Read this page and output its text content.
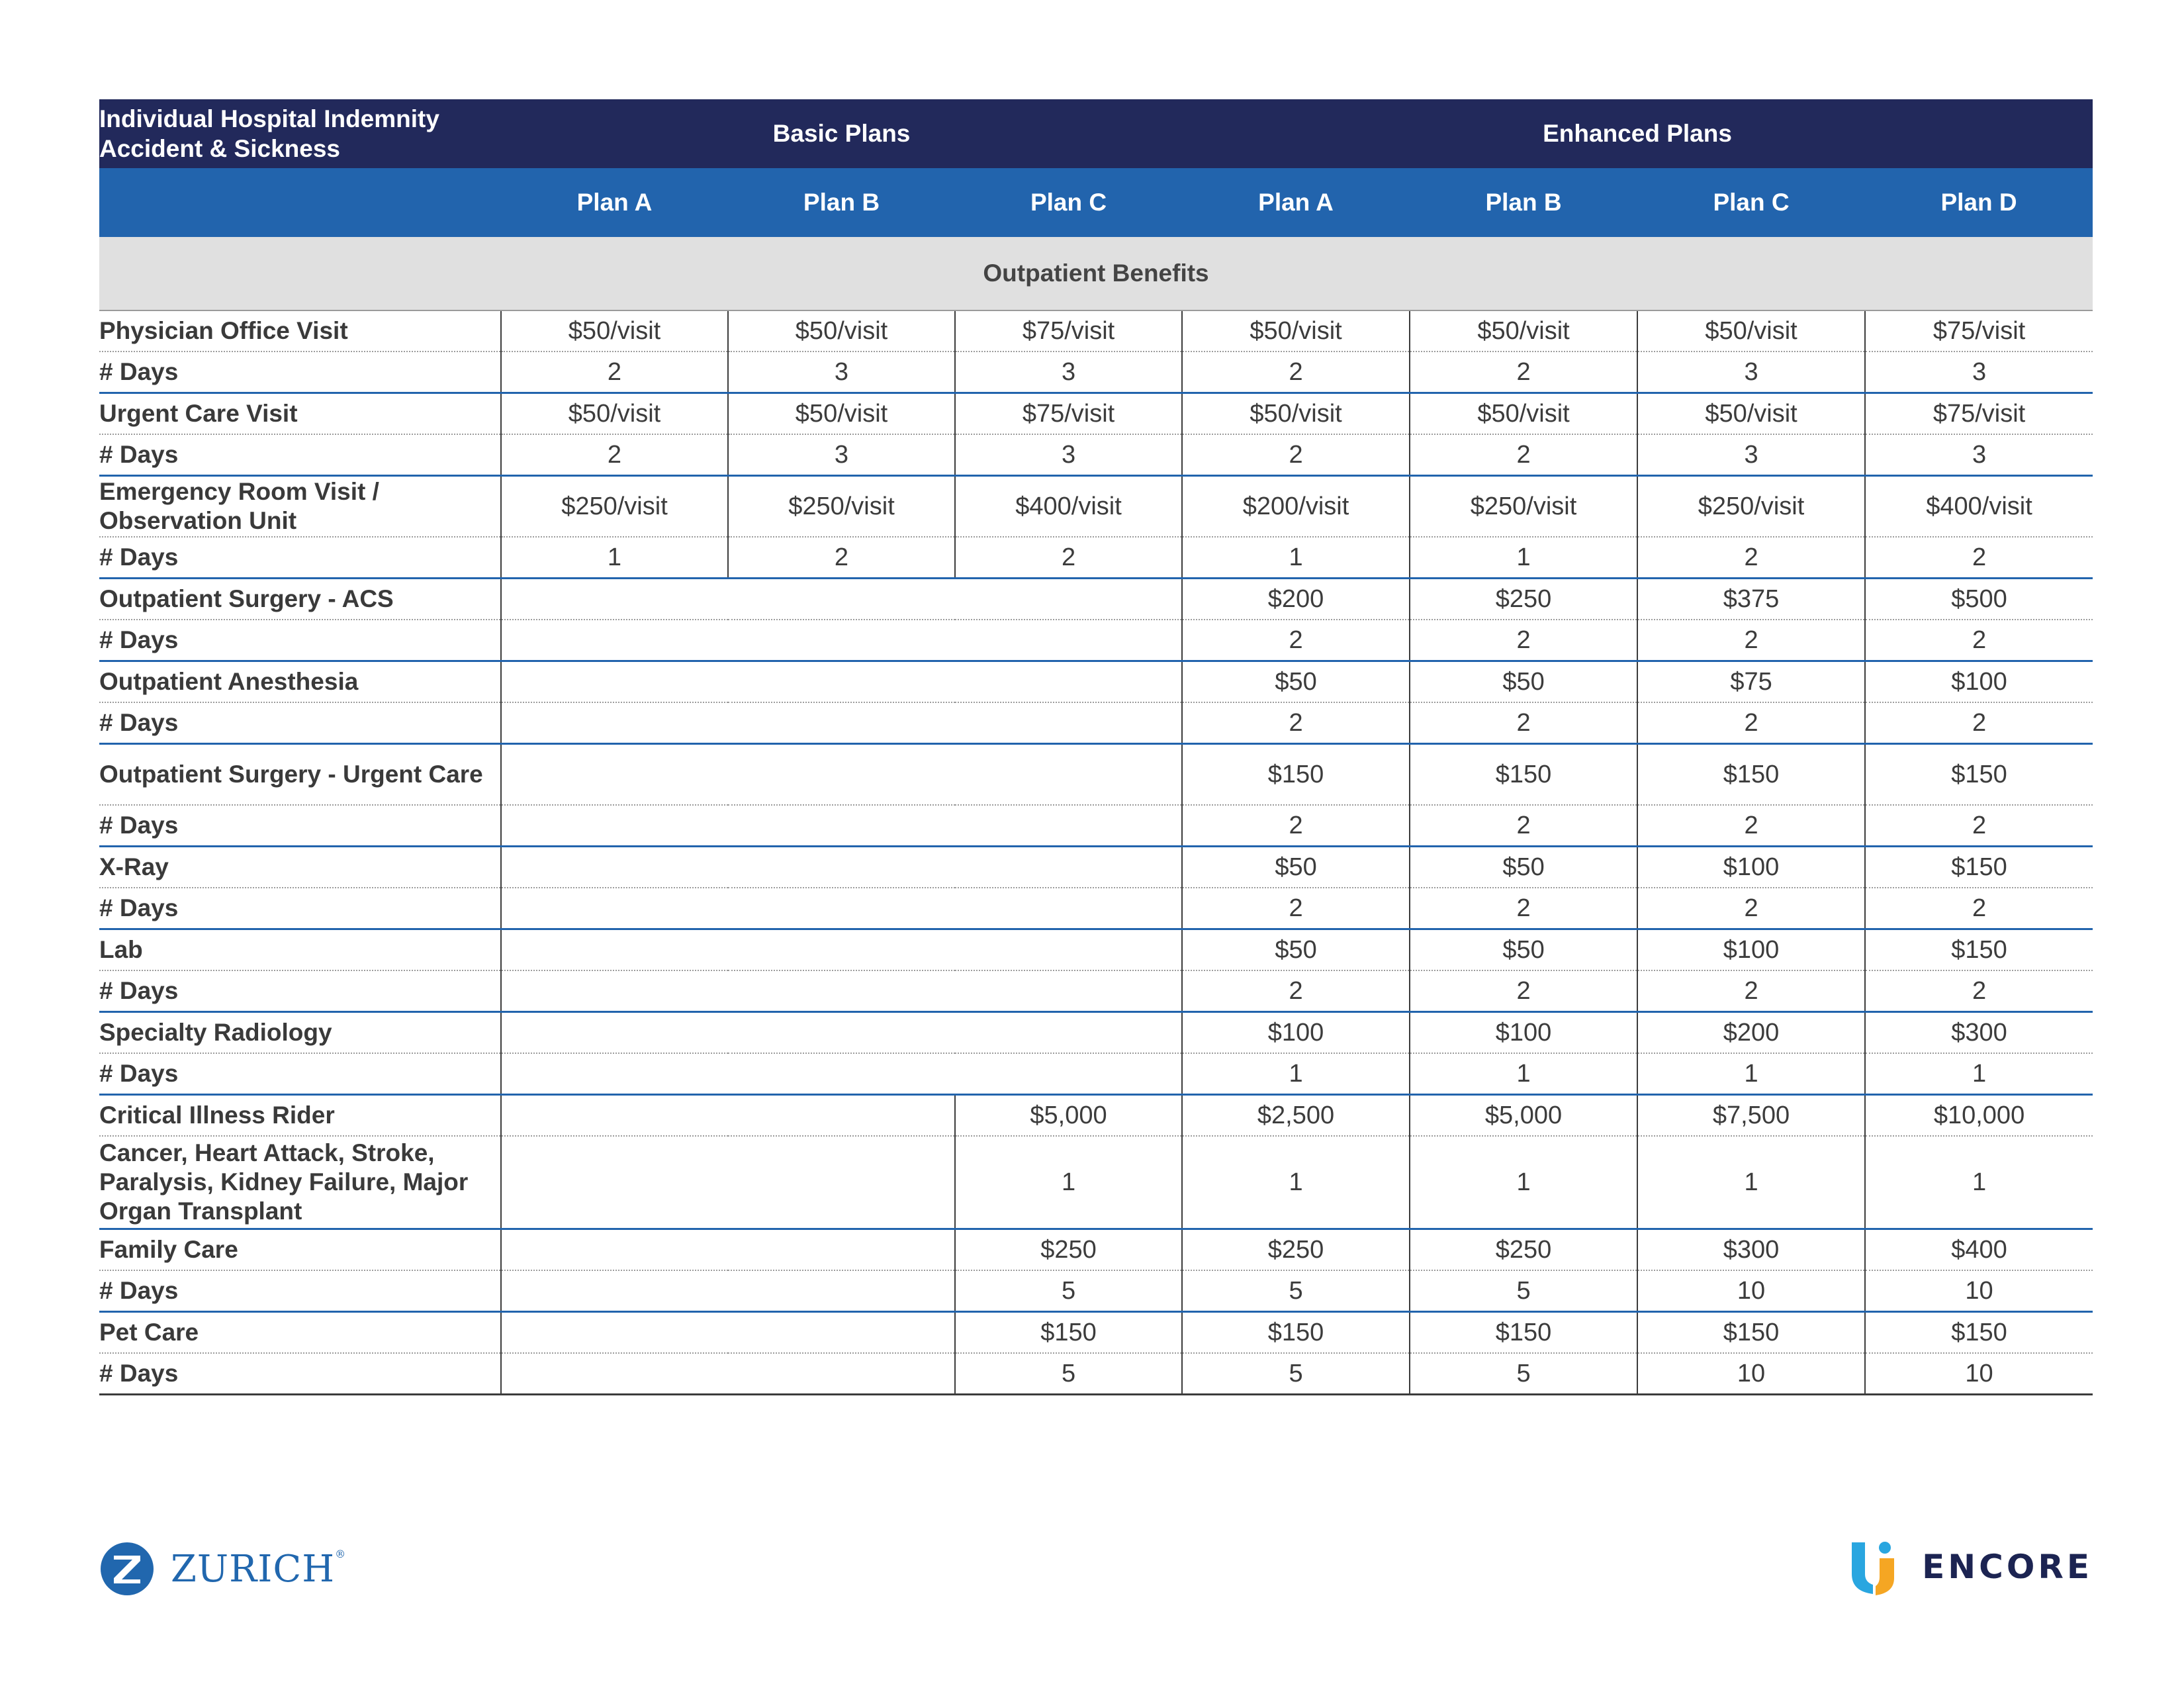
Individual Hospital Indemnity Accident & Sickness	Basic Plans			Enhanced Plans			
	Plan A	Plan B	Plan C	Plan A	Plan B	Plan C	Plan D
Outpatient Benefits							
Physician Office Visit	$50/visit	$50/visit	$75/visit	$50/visit	$50/visit	$50/visit	$75/visit
# Days	2	3	3	2	2	3	3
Urgent Care Visit	$50/visit	$50/visit	$75/visit	$50/visit	$50/visit	$50/visit	$75/visit
# Days	2	3	3	2	2	3	3
Emergency Room Visit / Observation Unit	$250/visit	$250/visit	$400/visit	$200/visit	$250/visit	$250/visit	$400/visit
# Days	1	2	2	1	1	2	2
Outpatient Surgery - ACS				$200	$250	$375	$500
# Days				2	2	2	2
Outpatient Anesthesia				$50	$50	$75	$100
# Days				2	2	2	2
Outpatient Surgery - Urgent Care				$150	$150	$150	$150
# Days				2	2	2	2
X-Ray				$50	$50	$100	$150
# Days				2	2	2	2
Lab				$50	$50	$100	$150
# Days				2	2	2	2
Specialty Radiology				$100	$100	$200	$300
# Days				1	1	1	1
Critical Illness Rider			$5,000	$2,500	$5,000	$7,500	$10,000
Cancer, Heart Attack, Stroke, Paralysis, Kidney Failure, Major Organ Transplant			1	1	1	1	1
Family Care			$250	$250	$250	$300	$400
# Days			5	5	5	10	10
Pet Care			$150	$150	$150	$150	$150
# Days			5	5	5	10	10
ZURICH®	ENCORE
